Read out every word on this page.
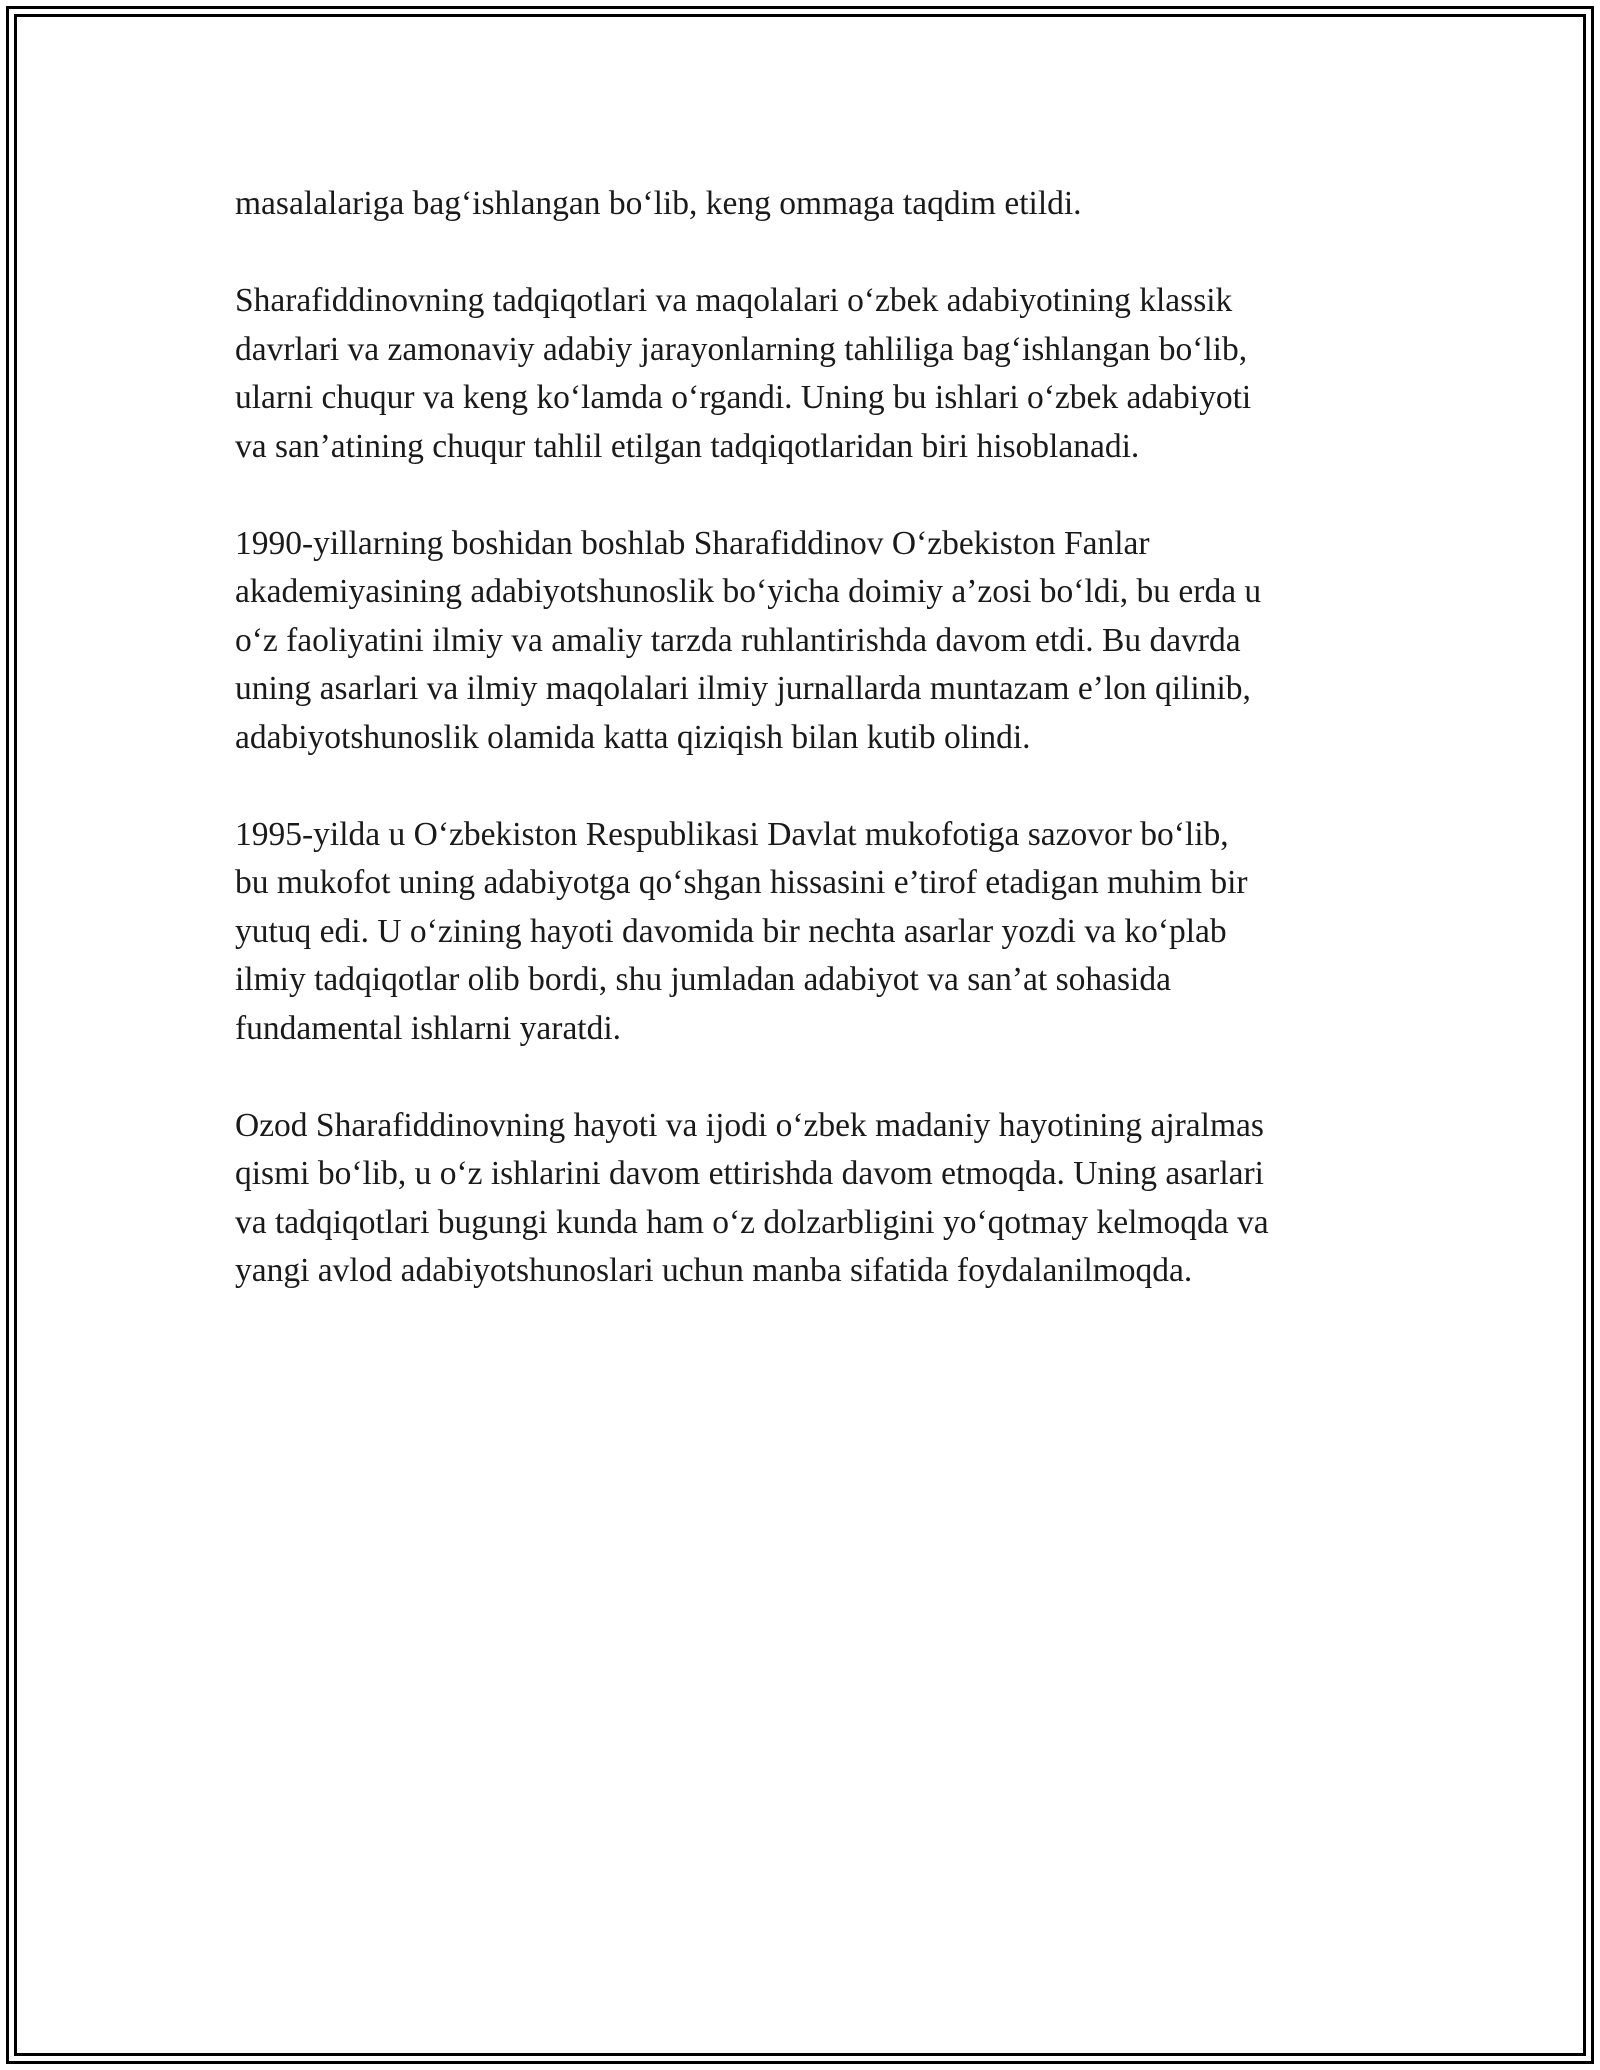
masalalariga bag‘ishlangan bo‘lib, keng ommaga taqdim etildi.

Sharafiddinovning tadqiqotlari va maqolalari o‘zbek adabiyotining klassik
davrlari va zamonaviy adabiy jarayonlarning tahliliga bag‘ishlangan bo‘lib,
ularni chuqur va keng ko‘lamda o‘rgandi. Uning bu ishlari o‘zbek adabiyoti
va san’atining chuqur tahlil etilgan tadqiqotlaridan biri hisoblanadi.

1990-yillarning boshidan boshlab Sharafiddinov O‘zbekiston Fanlar
akademiyasining adabiyotshunoslik bo‘yicha doimiy a’zosi bo‘ldi, bu erda u
o‘z faoliyatini ilmiy va amaliy tarzda ruhlantirishda davom etdi. Bu davrda
uning asarlari va ilmiy maqolalari ilmiy jurnallarda muntazam e’lon qilinib,
adabiyotshunoslik olamida katta qiziqish bilan kutib olindi.

1995-yilda u O‘zbekiston Respublikasi Davlat mukofotiga sazovor bo‘lib,
bu mukofot uning adabiyotga qo‘shgan hissasini e’tirof etadigan muhim bir
yutuq edi. U o‘zining hayoti davomida bir nechta asarlar yozdi va ko‘plab
ilmiy tadqiqotlar olib bordi, shu jumladan adabiyot va san’at sohasida
fundamental ishlarni yaratdi.

Ozod Sharafiddinovning hayoti va ijodi o‘zbek madaniy hayotining ajralmas
qismi bo‘lib, u o‘z ishlarini davom ettirishda davom etmoqda. Uning asarlari
va tadqiqotlari bugungi kunda ham o‘z dolzarbligini yo‘qotmay kelmoqda va
yangi avlod adabiyotshunoslari uchun manba sifatida foydalanilmoqda.
